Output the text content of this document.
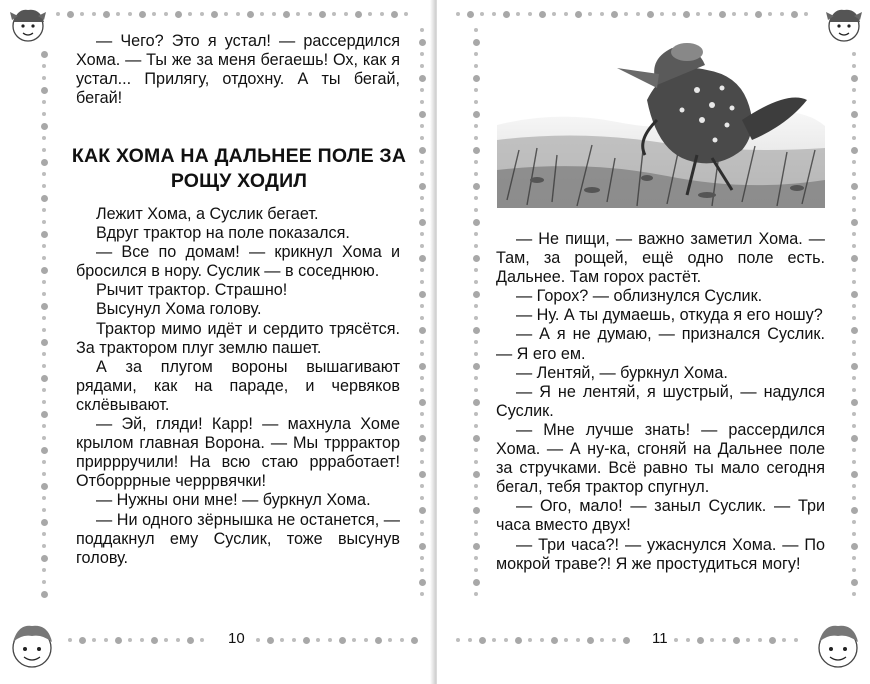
— Чего? Это я устал! — рассердился Хома. — Ты же за меня бегаешь! Ох, как я устал... Прилягу, отдохну. А ты бегай, бегай!

КАК ХОМА НА ДАЛЬНЕЕ ПОЛЕ ЗА РОЩУ ХОДИЛ

Лежит Хома, а Суслик бегает.

Вдруг трактор на поле показался.

— Все по домам! — крикнул Хома и бросился в нору. Суслик — в соседнюю.

Рычит трактор. Страшно!

Высунул Хома голову.

Трактор мимо идёт и сердито трясётся. За трактором плуг землю пашет.

А за плугом вороны вышагивают рядами, как на параде, и червяков склёвывают.

— Эй, гляди! Карр! — махнула Хоме крылом главная Ворона. — Мы трррактор приррручили! На всю стаю ррработает! Отборррные черррвячки!

— Нужны они мне! — буркнул Хома.

— Ни одного зёрнышка не останется, — поддакнул ему Суслик, тоже высунув голову.

10

— Не пищи, — важно заметил Хома. — Там, за рощей, ещё одно поле есть. Дальнее. Там горох растёт.

— Горох? — облизнулся Суслик.

— Ну. А ты думаешь, откуда я его ношу?

— А я не думаю, — признался Суслик. — Я его ем.

— Лентяй, — буркнул Хома.

— Я не лентяй, я шустрый, — надулся Суслик.

— Мне лучше знать! — рассердился Хома. — А ну-ка, сгоняй на Дальнее поле за стручками. Всё равно ты мало сегодня бегал, тебя трактор спугнул.

— Ого, мало! — заныл Суслик. — Три часа вместо двух!

— Три часа?! — ужаснулся Хома. — По мокрой траве?! Я же простудиться могу!

11
